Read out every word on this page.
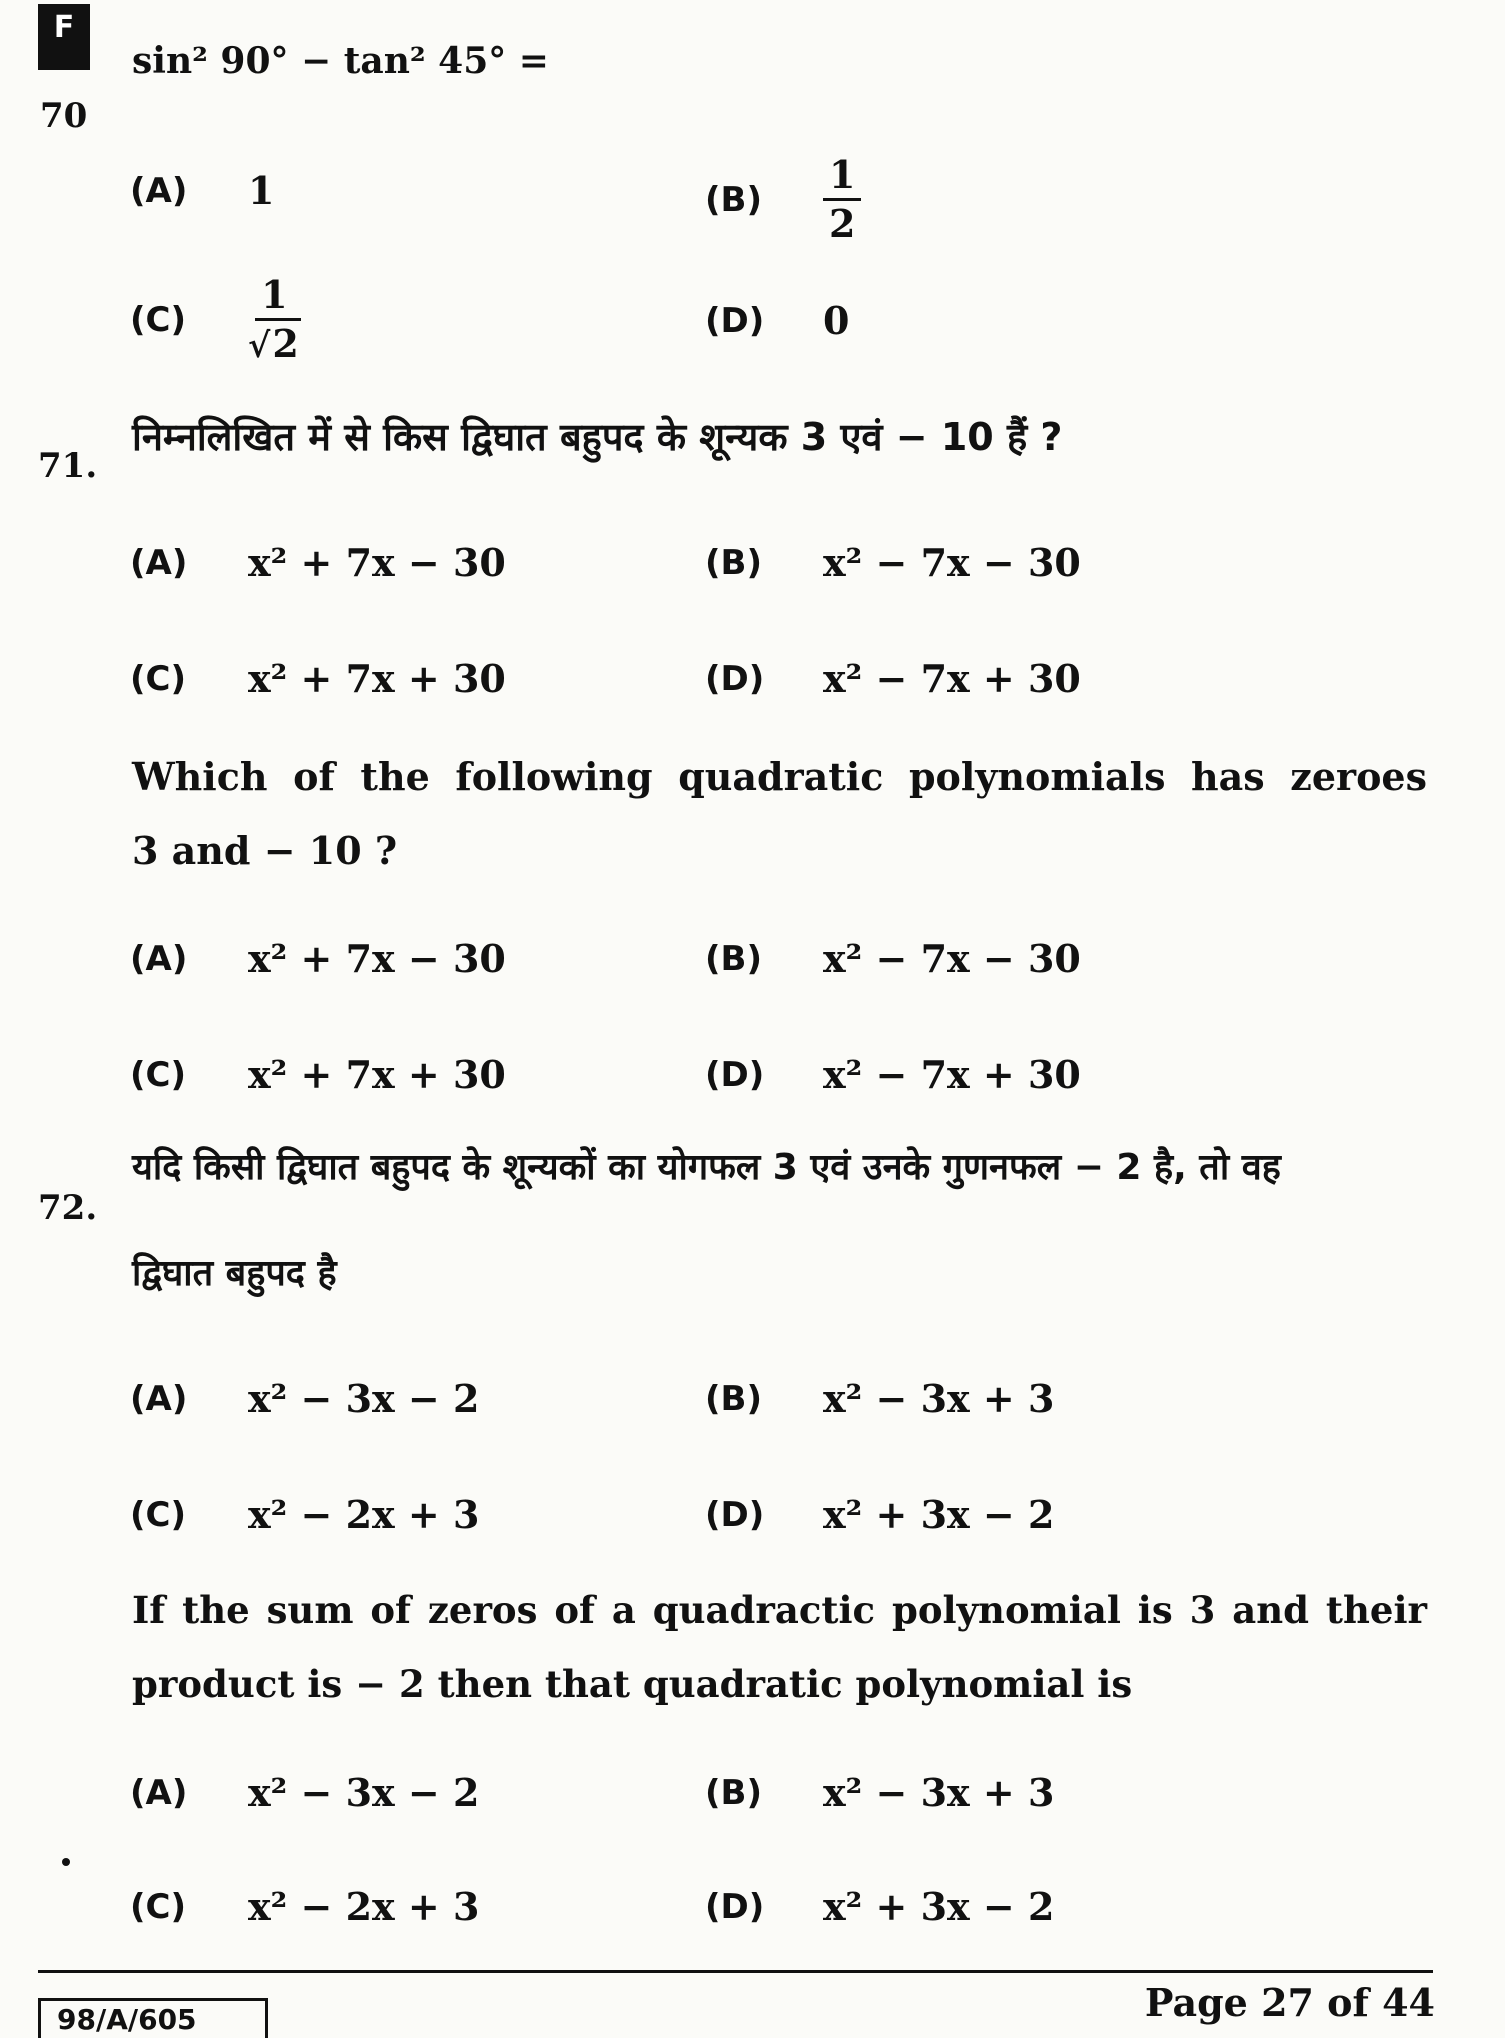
F
70
sin² 90° − tan² 45° =
(A)	1	(B)	$\frac{1}{2}$
(C)	$\frac{1}{√2}$	(D)	0
71.
निम्नलिखित में से किस द्विघात बहुपद के शून्यक 3 एवं − 10 हैं ?
(A)	x² + 7x − 30	(B)	x² − 7x − 30
(C)	x² + 7x + 30	(D)	x² − 7x + 30
Which of the following quadratic polynomials has zeroes
3 and − 10 ?
(A)	x² + 7x − 30	(B)	x² − 7x − 30
(C)	x² + 7x + 30	(D)	x² − 7x + 30
72.
यदि किसी द्विघात बहुपद के शून्यकों का योगफल 3 एवं उनके गुणनफल − 2 है, तो वह
द्विघात बहुपद है
(A)	x² − 3x − 2	(B)	x² − 3x + 3
(C)	x² − 2x + 3	(D)	x² + 3x − 2
If the sum of zeros of a quadractic polynomial is 3 and their
product is − 2 then that quadratic polynomial is
(A)	x² − 3x − 2	(B)	x² − 3x + 3
(C)	x² − 2x + 3	(D)	x² + 3x − 2
98/A/605	Page 27 of 44
